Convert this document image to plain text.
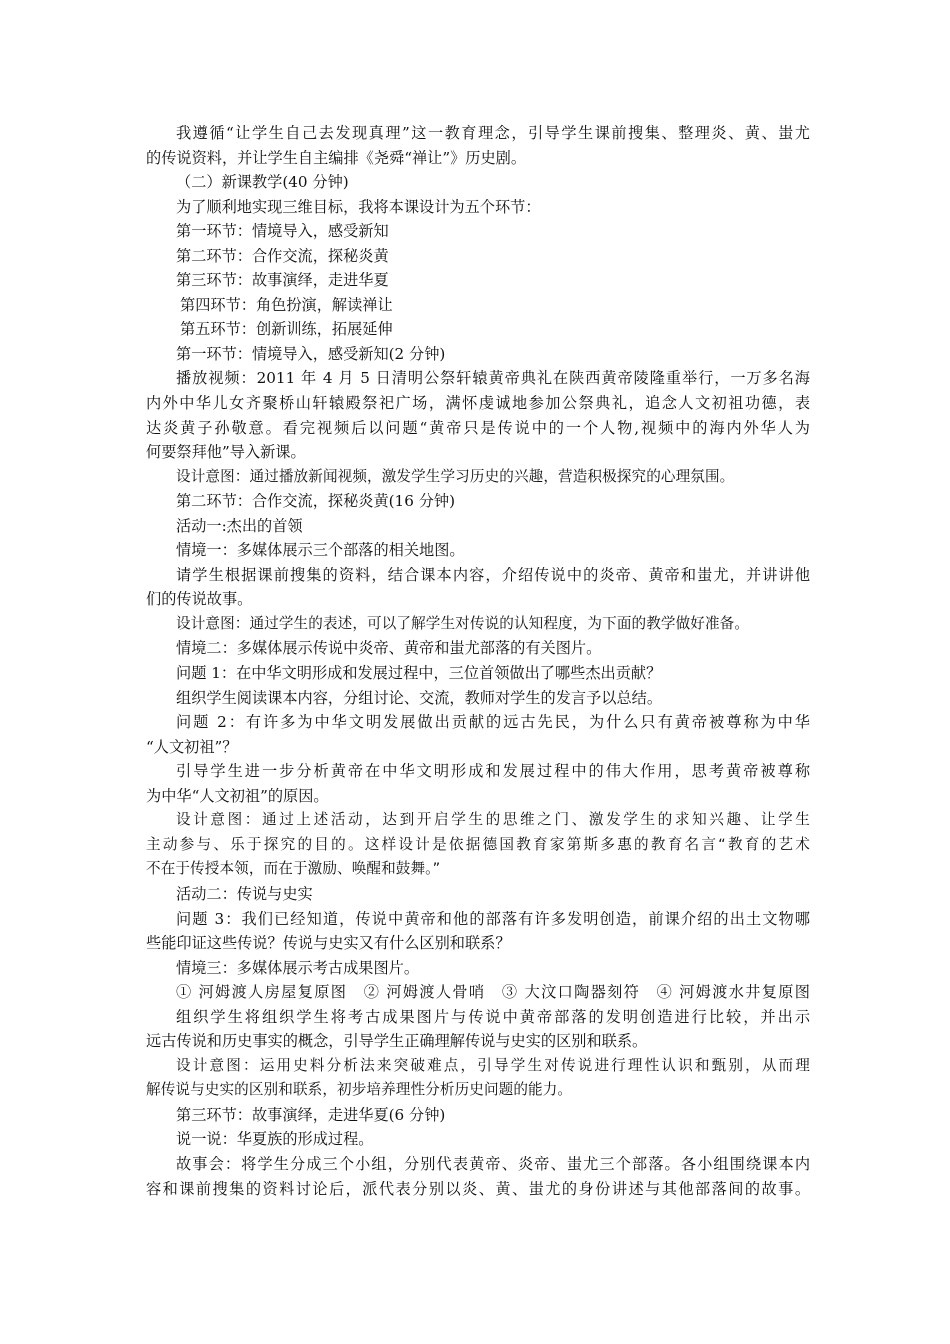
我遵循“让学生自己去发现真理”这一教育理念，引导学生课前搜集、整理炎、黄、蚩尤
的传说资料，并让学生自主编排《尧舜“禅让”》历史剧。
（二）新课教学(40 分钟)
为了顺利地实现三维目标，我将本课设计为五个环节：
第一环节：情境导入，感受新知
第二环节：合作交流，探秘炎黄
第三环节：故事演绎，走进华夏
第四环节：角色扮演，解读禅让
第五环节：创新训练，拓展延伸
第一环节：情境导入，感受新知(2 分钟)
播放视频：2011 年 4 月 5 日清明公祭轩辕黄帝典礼在陕西黄帝陵隆重举行，一万多名海
内外中华儿女齐聚桥山轩辕殿祭祀广场，满怀虔诚地参加公祭典礼，追念人文初祖功德，表
达炎黄子孙敬意。看完视频后以问题“黄帝只是传说中的一个人物,视频中的海内外华人为
何要祭拜他”导入新课。
设计意图：通过播放新闻视频，激发学生学习历史的兴趣，营造积极探究的心理氛围。
第二环节：合作交流，探秘炎黄(16 分钟)
活动一:杰出的首领
情境一：多媒体展示三个部落的相关地图。
请学生根据课前搜集的资料，结合课本内容，介绍传说中的炎帝、黄帝和蚩尤，并讲讲他
们的传说故事。
设计意图：通过学生的表述，可以了解学生对传说的认知程度，为下面的教学做好准备。
情境二：多媒体展示传说中炎帝、黄帝和蚩尤部落的有关图片。
问题 1：在中华文明形成和发展过程中，三位首领做出了哪些杰出贡献？
组织学生阅读课本内容，分组讨论、交流，教师对学生的发言予以总结。
问题 2：有许多为中华文明发展做出贡献的远古先民，为什么只有黄帝被尊称为中华
“人文初祖”？
引导学生进一步分析黄帝在中华文明形成和发展过程中的伟大作用，思考黄帝被尊称
为中华“人文初祖”的原因。
设计意图：通过上述活动，达到开启学生的思维之门、激发学生的求知兴趣、让学生
主动参与、乐于探究的目的。这样设计是依据德国教育家第斯多惠的教育名言“教育的艺术
不在于传授本领，而在于激励、唤醒和鼓舞。”
活动二：传说与史实
问题 3：我们已经知道，传说中黄帝和他的部落有许多发明创造，前课介绍的出土文物哪
些能印证这些传说？传说与史实又有什么区别和联系？
情境三：多媒体展示考古成果图片。
① 河姆渡人房屋复原图　② 河姆渡人骨哨　③ 大汶口陶器刻符　④ 河姆渡水井复原图
组织学生将组织学生将考古成果图片与传说中黄帝部落的发明创造进行比较，并出示
远古传说和历史事实的概念，引导学生正确理解传说与史实的区别和联系。
设计意图：运用史料分析法来突破难点，引导学生对传说进行理性认识和甄别，从而理
解传说与史实的区别和联系，初步培养理性分析历史问题的能力。
第三环节：故事演绎，走进华夏(6 分钟)
说一说：华夏族的形成过程。
故事会：将学生分成三个小组，分别代表黄帝、炎帝、蚩尤三个部落。各小组围绕课本内
容和课前搜集的资料讨论后，派代表分别以炎、黄、蚩尤的身份讲述与其他部落间的故事。
